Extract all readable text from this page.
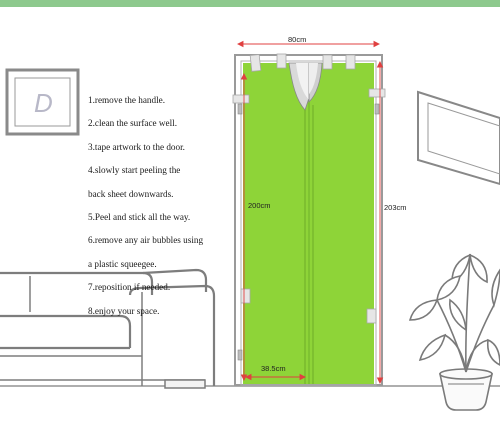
D
80cm
200cm	203cm
38.5cm
1.remove the handle.
2.clean the surface well.
3.tape artwork to the door.
4.slowly start peeling the
back sheet downwards.
5.Peel and stick all the way.
6.remove any air bubbles using
a plastic squeegee.
7.reposition if needed.
8.enjoy your space.
